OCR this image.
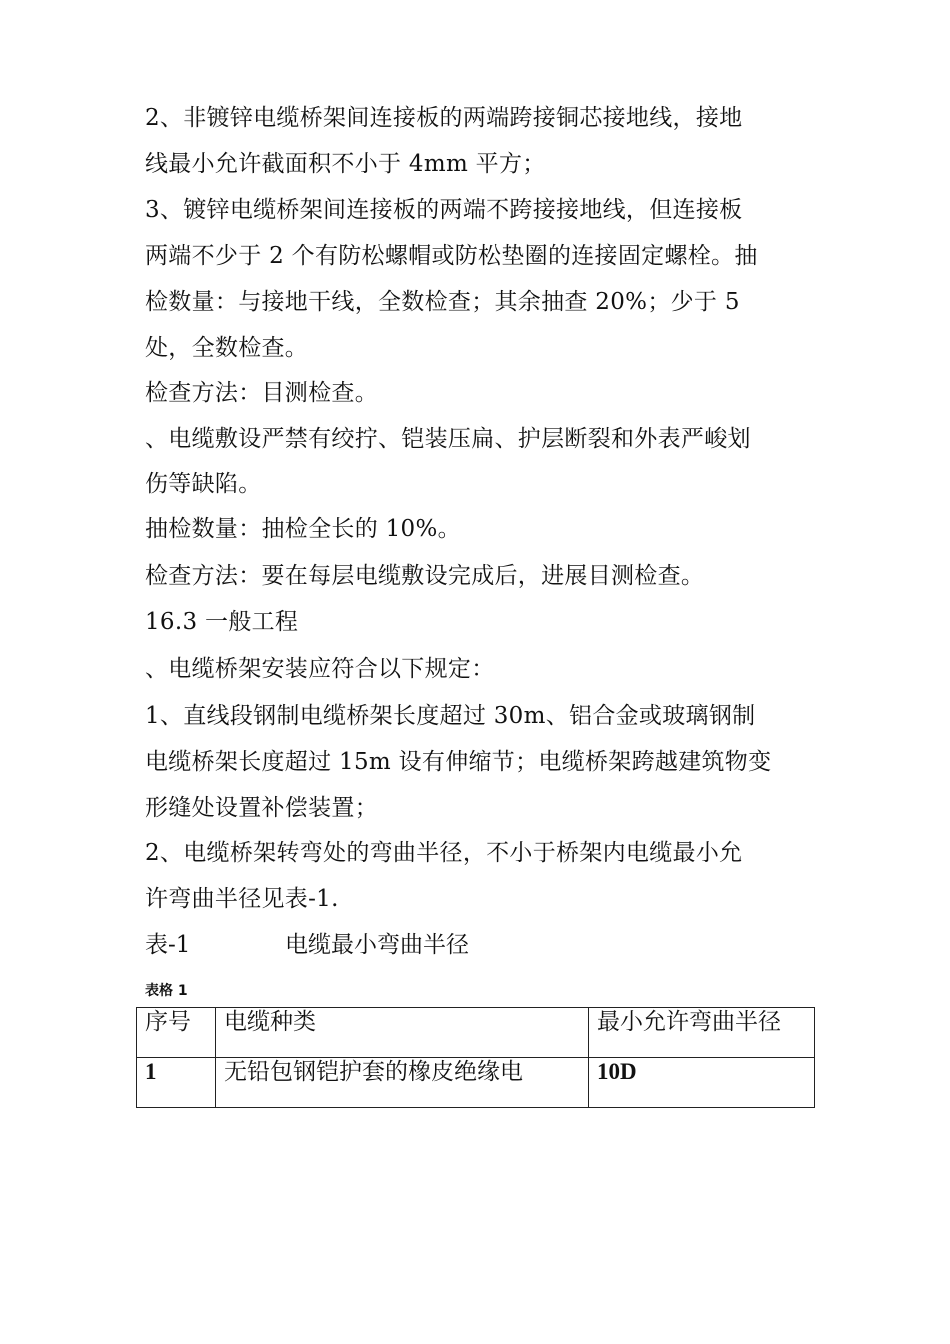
2、非镀锌电缆桥架间连接板的两端跨接铜芯接地线，接地
线最小允许截面积不小于 4mm 平方；
3、镀锌电缆桥架间连接板的两端不跨接接地线，但连接板
两端不少于 2 个有防松螺帽或防松垫圈的连接固定螺栓。抽
检数量：与接地干线，全数检查；其余抽查 20%；少于 5
处，全数检查。
检查方法：目测检查。
、电缆敷设严禁有绞拧、铠装压扁、护层断裂和外表严峻划
伤等缺陷。
抽检数量：抽检全长的 10%。
检查方法：要在每层电缆敷设完成后，进展目测检查。
16.3 一般工程
、电缆桥架安装应符合以下规定：
1、直线段钢制电缆桥架长度超过 30m、铝合金或玻璃钢制
电缆桥架长度超过 15m 设有伸缩节；电缆桥架跨越建筑物变
形缝处设置补偿装置；
2、电缆桥架转弯处的弯曲半径，不小于桥架内电缆最小允
许弯曲半径见表-1.
表-1	电缆最小弯曲半径
表格 1
序号	电缆种类	最小允许弯曲半径
1	无铅包钢铠护套的橡皮绝缘电	10D
